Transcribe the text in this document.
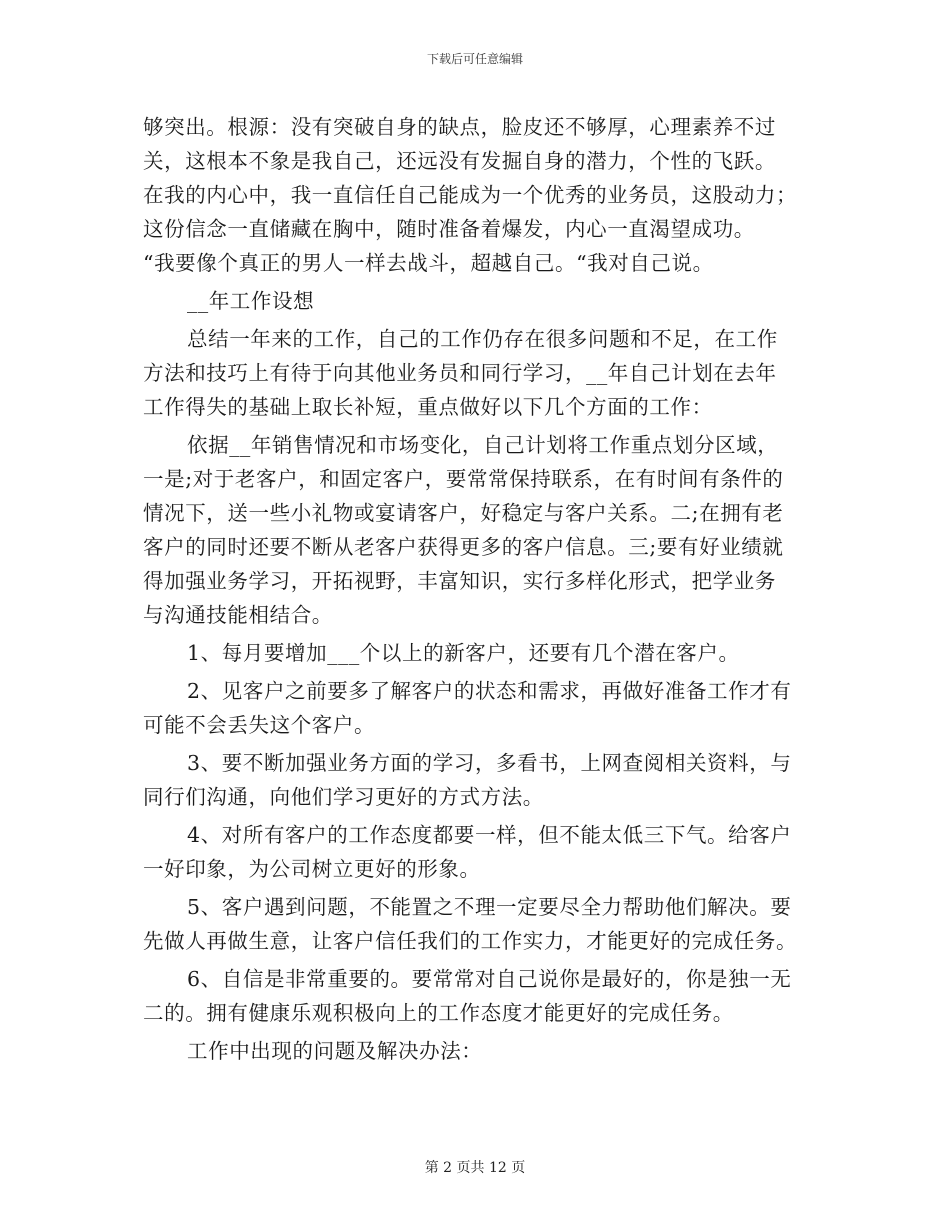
下载后可任意编辑
够突出。根源：没有突破自身的缺点，脸皮还不够厚，心理素养不过
关，这根本不象是我自己，还远没有发掘自身的潜力，个性的飞跃。
在我的内心中，我一直信任自己能成为一个优秀的业务员，这股动力；
这份信念一直储藏在胸中，随时准备着爆发，内心一直渴望成功。
“我要像个真正的男人一样去战斗，超越自己。“我对自己说。
__年工作设想
总结一年来的工作，自己的工作仍存在很多问题和不足，在工作
方法和技巧上有待于向其他业务员和同行学习，__年自己计划在去年
工作得失的基础上取长补短，重点做好以下几个方面的工作：
依据__年销售情况和市场变化，自己计划将工作重点划分区域，
一是;对于老客户，和固定客户，要常常保持联系，在有时间有条件的
情况下，送一些小礼物或宴请客户，好稳定与客户关系。二;在拥有老
客户的同时还要不断从老客户获得更多的客户信息。三;要有好业绩就
得加强业务学习，开拓视野，丰富知识，实行多样化形式，把学业务
与沟通技能相结合。
1、每月要增加___个以上的新客户，还要有几个潜在客户。
2、见客户之前要多了解客户的状态和需求，再做好准备工作才有
可能不会丢失这个客户。
3、要不断加强业务方面的学习，多看书，上网查阅相关资料，与
同行们沟通，向他们学习更好的方式方法。
4、对所有客户的工作态度都要一样，但不能太低三下气。给客户
一好印象，为公司树立更好的形象。
5、客户遇到问题，不能置之不理一定要尽全力帮助他们解决。要
先做人再做生意，让客户信任我们的工作实力，才能更好的完成任务。
6、自信是非常重要的。要常常对自己说你是最好的，你是独一无
二的。拥有健康乐观积极向上的工作态度才能更好的完成任务。
工作中出现的问题及解决办法：
第 2 页共 12 页
